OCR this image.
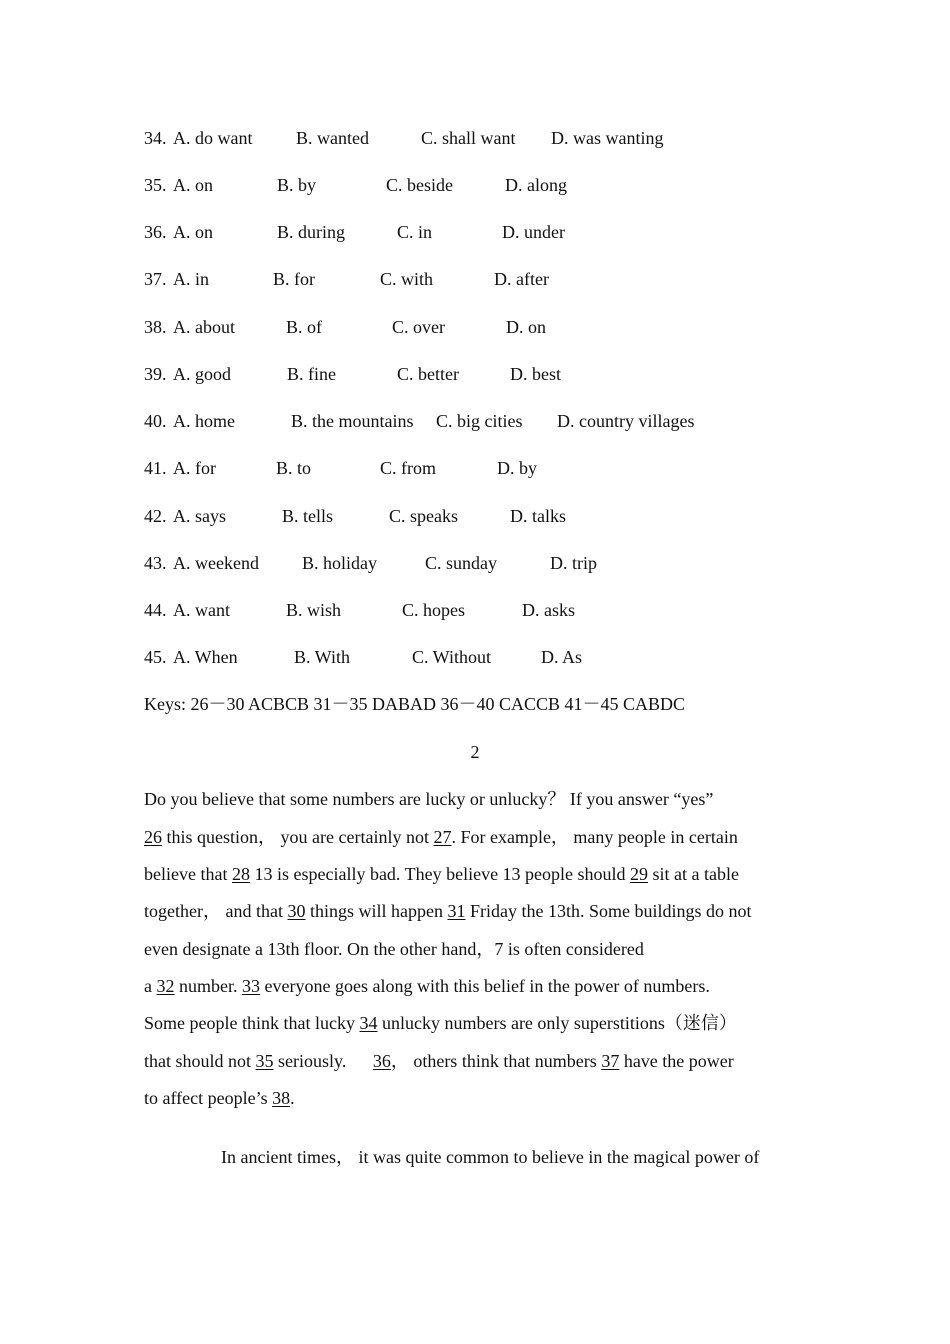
34. A. do want B. wanted	C. shall want D. was wanting
35. A. on	B. by	C. beside	D. along
36. A. on	B. during	C. in	D. under
37. A. in	B. for	C. with	D. after
38. A. about	B. of	C. over	D. on
39. A. good	B. fine	C. better	D. best
40. A. home	B. the mountains C. big cities D. country villages
41. A. for	B. to	C. from	D. by
42. A. says	B. tells	C. speaks	D. talks
43. A. weekend B. holiday	C. sunday	D. trip
44. A. want	B. wish	C. hopes	D. asks
45. A. When	B. With	C. Without	D. As
Keys: 26－30 ACBCB 31－35 DABAD 36－40 CACCB 41－45 CABDC
2
Do you believe that some numbers are lucky or unlucky？ If you answer “yes”
26 this question， you are certainly not 27. For example， many people in certain
believe that 28 13 is especially bad. They believe 13 people should 29 sit at a table
together， and that 30 things will happen 31 Friday the 13th. Some buildings do not
even designate a 13th floor. On the other hand，7 is often considered
a 32 number. 33 everyone goes along with this belief in the power of numbers.
Some people think that lucky 34 unlucky numbers are only superstitions（迷信）
that should not 35 seriously. 36， others think that numbers 37 have the power
to affect people’s 38.
In ancient times， it was quite common to believe in the magical power of
